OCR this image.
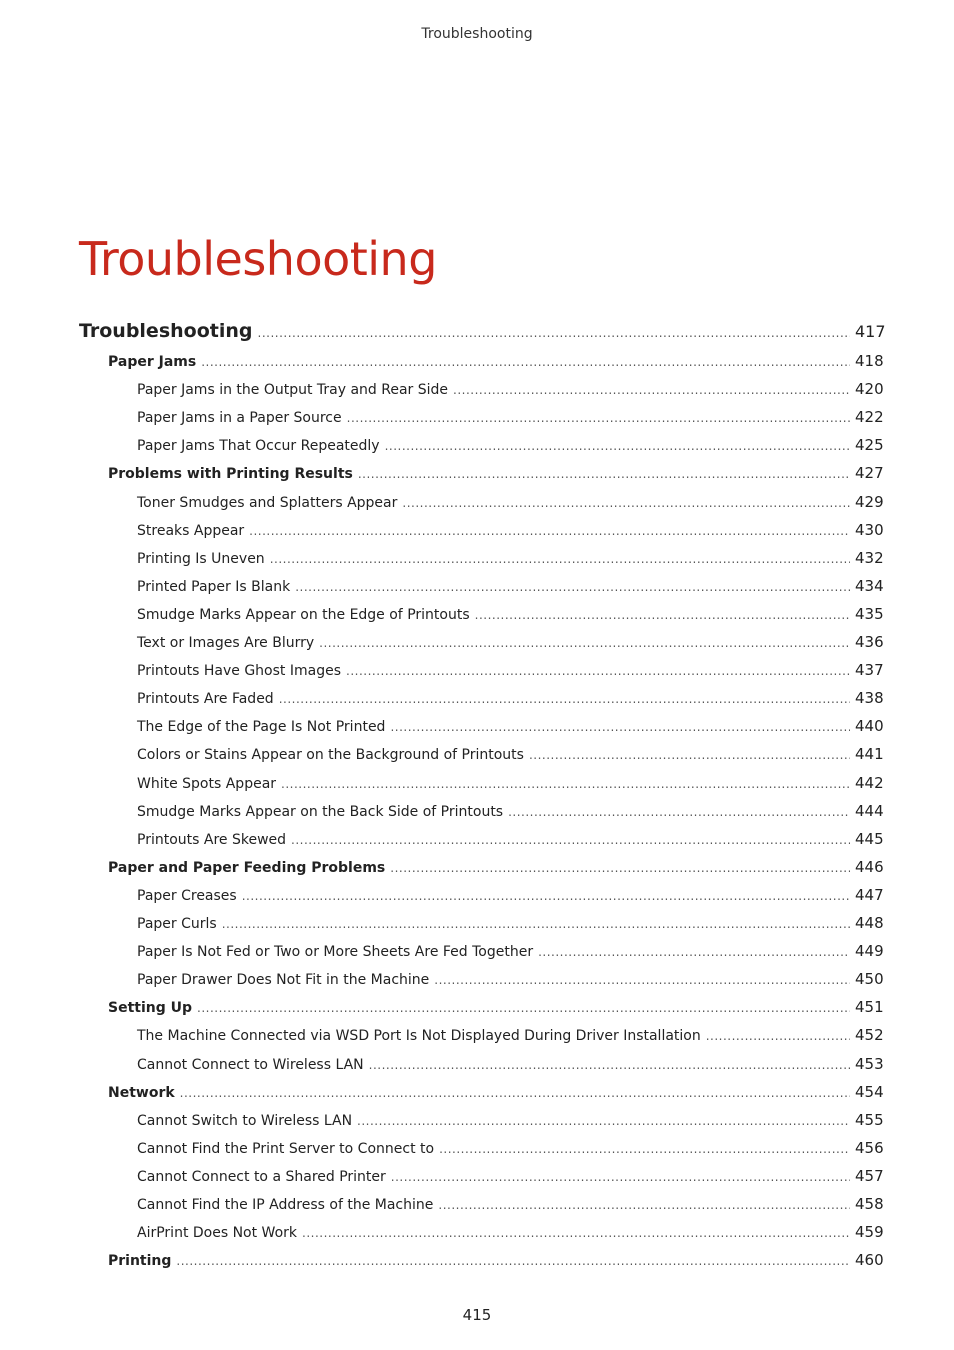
Troubleshooting
Troubleshooting
Troubleshooting .....	417
Paper Jams .....	418
Paper Jams in the Output Tray and Rear Side .....	420
Paper Jams in a Paper Source .....	422
Paper Jams That Occur Repeatedly .....	425
Problems with Printing Results .....	427
Toner Smudges and Splatters Appear .....	429
Streaks Appear .....	430
Printing Is Uneven .....	432
Printed Paper Is Blank .....	434
Smudge Marks Appear on the Edge of Printouts .....	435
Text or Images Are Blurry .....	436
Printouts Have Ghost Images .....	437
Printouts Are Faded .....	438
The Edge of the Page Is Not Printed .....	440
Colors or Stains Appear on the Background of Printouts .....	441
White Spots Appear .....	442
Smudge Marks Appear on the Back Side of Printouts .....	444
Printouts Are Skewed .....	445
Paper and Paper Feeding Problems .....	446
Paper Creases .....	447
Paper Curls .....	448
Paper Is Not Fed or Two or More Sheets Are Fed Together .....	449
Paper Drawer Does Not Fit in the Machine .....	450
Setting Up .....	451
The Machine Connected via WSD Port Is Not Displayed During Driver Installation .....	452
Cannot Connect to Wireless LAN .....	453
Network .....	454
Cannot Switch to Wireless LAN .....	455
Cannot Find the Print Server to Connect to .....	456
Cannot Connect to a Shared Printer .....	457
Cannot Find the IP Address of the Machine .....	458
AirPrint Does Not Work .....	459
Printing .....	460
415
